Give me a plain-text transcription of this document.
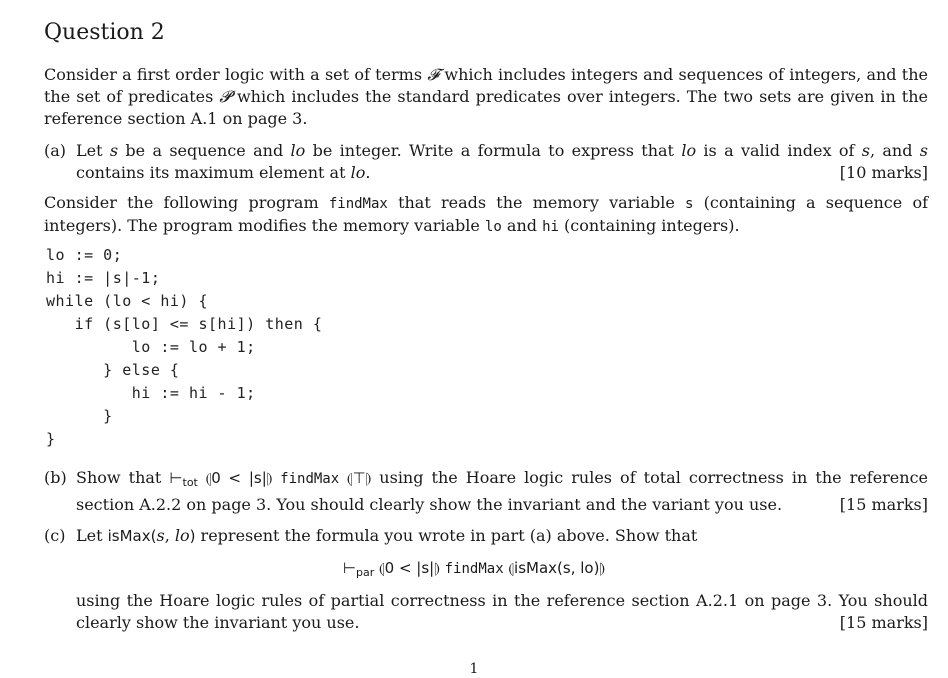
Question 2
Consider a first order logic with a set of terms 𝓕 which includes integers and sequences of integers, and the the set of predicates 𝓟 which includes the standard predicates over integers. The two sets are given in the reference section A.1 on page 3.
(a) Let s be a sequence and lo be integer. Write a formula to express that lo is a valid index of s, and s contains its maximum element at lo.	[10 marks]
Consider the following program findMax that reads the memory variable s (containing a sequence of integers). The program modifies the memory variable lo and hi (containing integers).
lo := 0;
hi := |s|-1;
while (lo < hi) {
if (s[lo] <= s[hi]) then {
lo := lo + 1;
} else {
hi := hi - 1;
}
}
(b) Show that $⊢_{tot}$ ⦇0 < |s|⦈ findMax ⦇⊤⦈ using the Hoare logic rules of total correctness in the reference section A.2.2 on page 3. You should clearly show the invariant and the variant you use.	[15 marks]
(c) Let isMax(s, lo) represent the formula you wrote in part (a) above. Show that
$⊢_{par}$ ⦇0 < |s|⦈ findMax ⦇isMax(s, lo)⦈
using the Hoare logic rules of partial correctness in the reference section A.2.1 on page 3. You should clearly show the invariant you use.	[15 marks]
1
